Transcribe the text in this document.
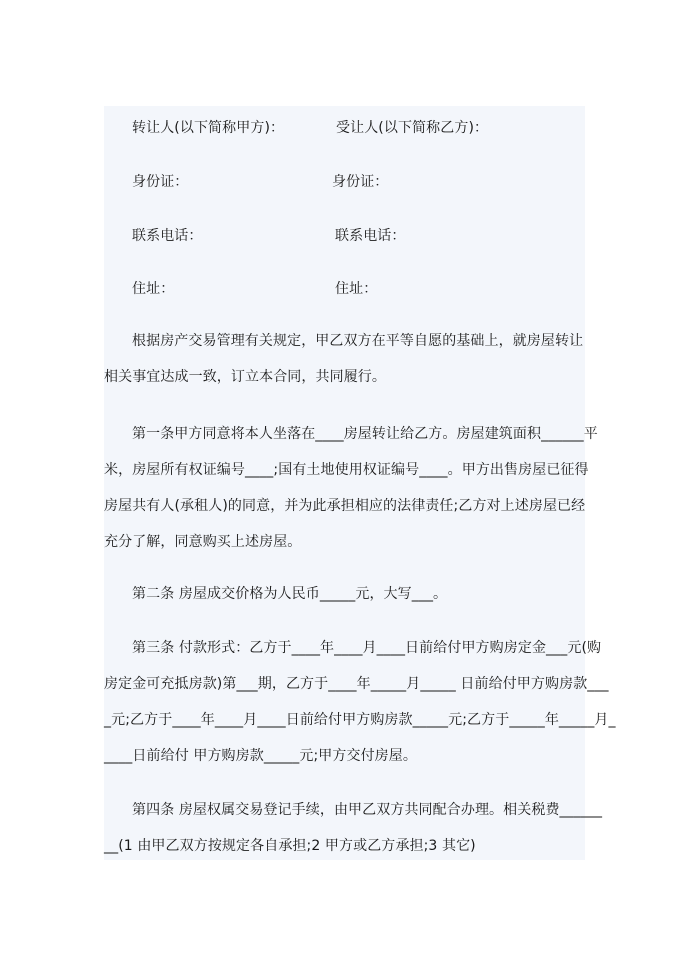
转让人(以下简称甲方)：	受让人(以下简称乙方)：
身份证：	身份证：
联系电话：	联系电话：
住址：	住址：
根据房产交易管理有关规定，甲乙双方在平等自愿的基础上，就房屋转让
相关事宜达成一致，订立本合同，共同履行。
第一条甲方同意将本人坐落在____房屋转让给乙方。房屋建筑面积______平
米，房屋所有权证编号____;国有土地使用权证编号____。甲方出售房屋已征得
房屋共有人(承租人)的同意，并为此承担相应的法律责任;乙方对上述房屋已经
充分了解，同意购买上述房屋。
第二条 房屋成交价格为人民币_____元，大写___。
第三条 付款形式：乙方于____年____月____日前给付甲方购房定金___元(购
房定金可充抵房款)第___期，乙方于____年_____月_____ 日前给付甲方购房款___
_元;乙方于____年____月____日前给付甲方购房款_____元;乙方于_____年_____月_
____日前给付 甲方购房款_____元;甲方交付房屋。
第四条 房屋权属交易登记手续，由甲乙双方共同配合办理。相关税费______
__(1 由甲乙双方按规定各自承担;2 甲方或乙方承担;3 其它)
